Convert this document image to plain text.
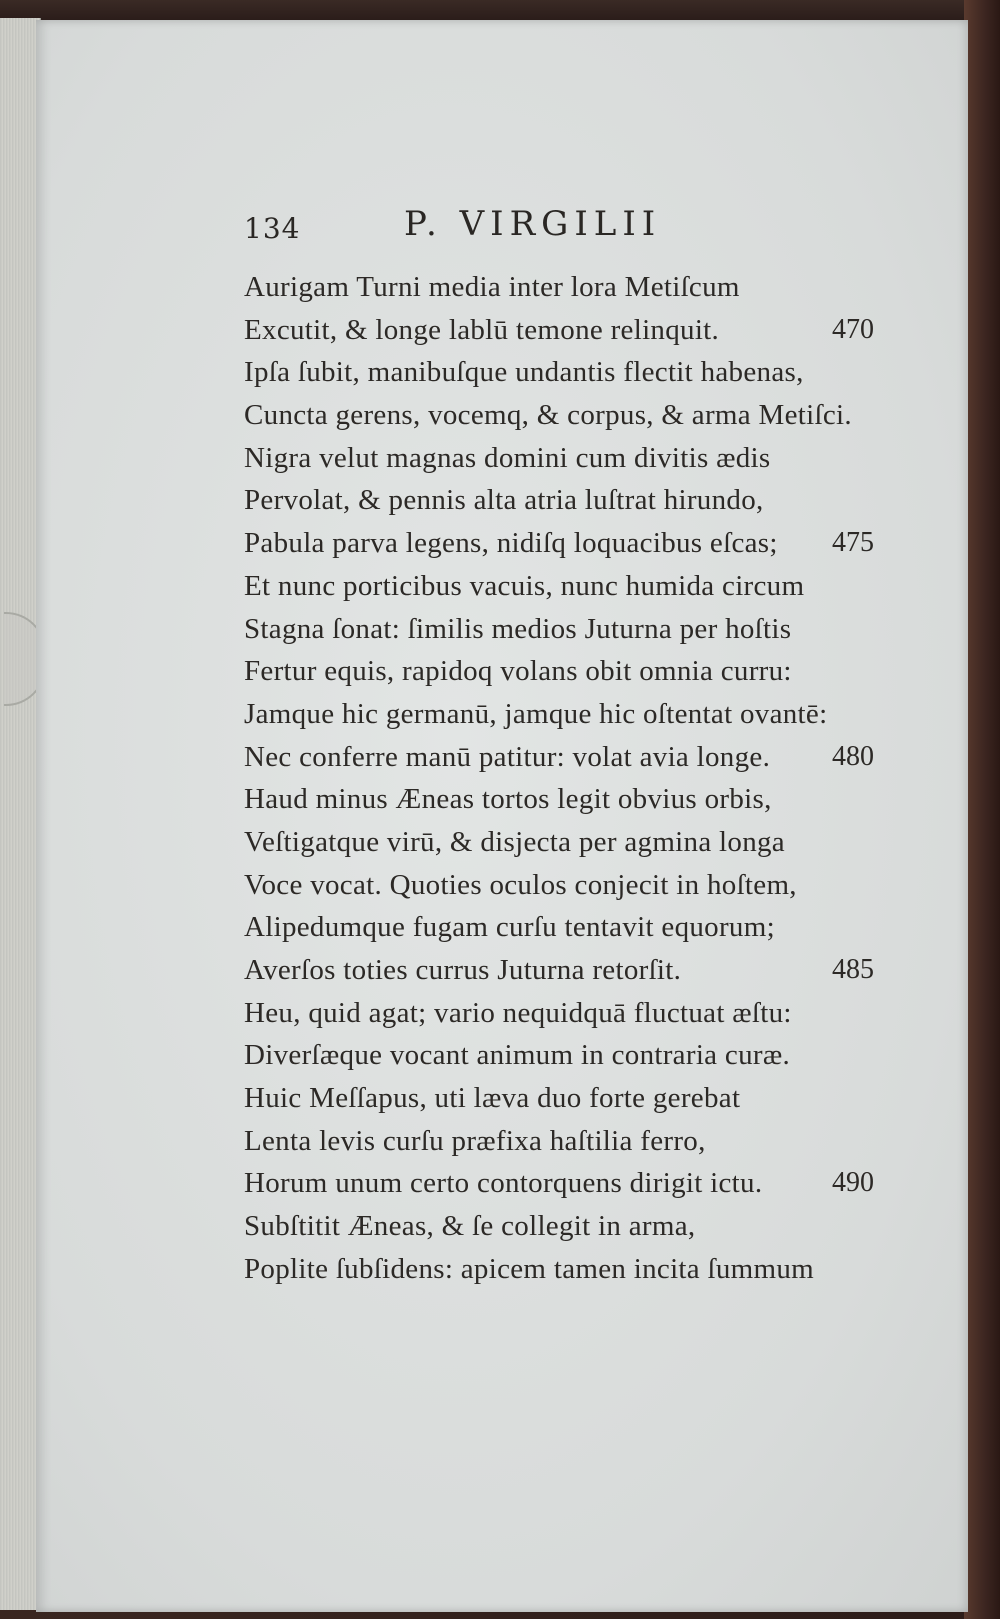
134	P. VIRGILII
Aurigam Turni media inter lora Metiſcum
Excutit, & longe lablū temone relinquit.	470
Ipſa ſubit, manibuſque undantis flectit habenas,
Cuncta gerens, vocemq, & corpus, & arma Metiſci.
Nigra velut magnas domini cum divitis ædis
Pervolat, & pennis alta atria luſtrat hirundo,
Pabula parva legens, nidiſq loquacibus eſcas; 475
Et nunc porticibus vacuis, nunc humida circum
Stagna ſonat: ſimilis medios Juturna per hoſtis
Fertur equis, rapidoq volans obit omnia curru:
Jamque hic germanū, jamque hic oſtentat ovantē:
Nec conferre manū patitur: volat avia longe. 480
Haud minus Æneas tortos legit obvius orbis,
Veſtigatque virū, & disjecta per agmina longa
Voce vocat. Quoties oculos conjecit in hoſtem,
Alipedumque fugam curſu tentavit equorum;
Averſos toties currus Juturna retorſit.	485
Heu, quid agat; vario nequidquā fluctuat æſtu:
Diverſæque vocant animum in contraria curæ.
Huic Meſſapus, uti læva duo forte gerebat
Lenta levis curſu præfixa haſtilia ferro,
Horum unum certo contorquens dirigit ictu. 490
Subſtitit Æneas, & ſe collegit in arma,
Poplite ſubſidens: apicem tamen incita ſummum
